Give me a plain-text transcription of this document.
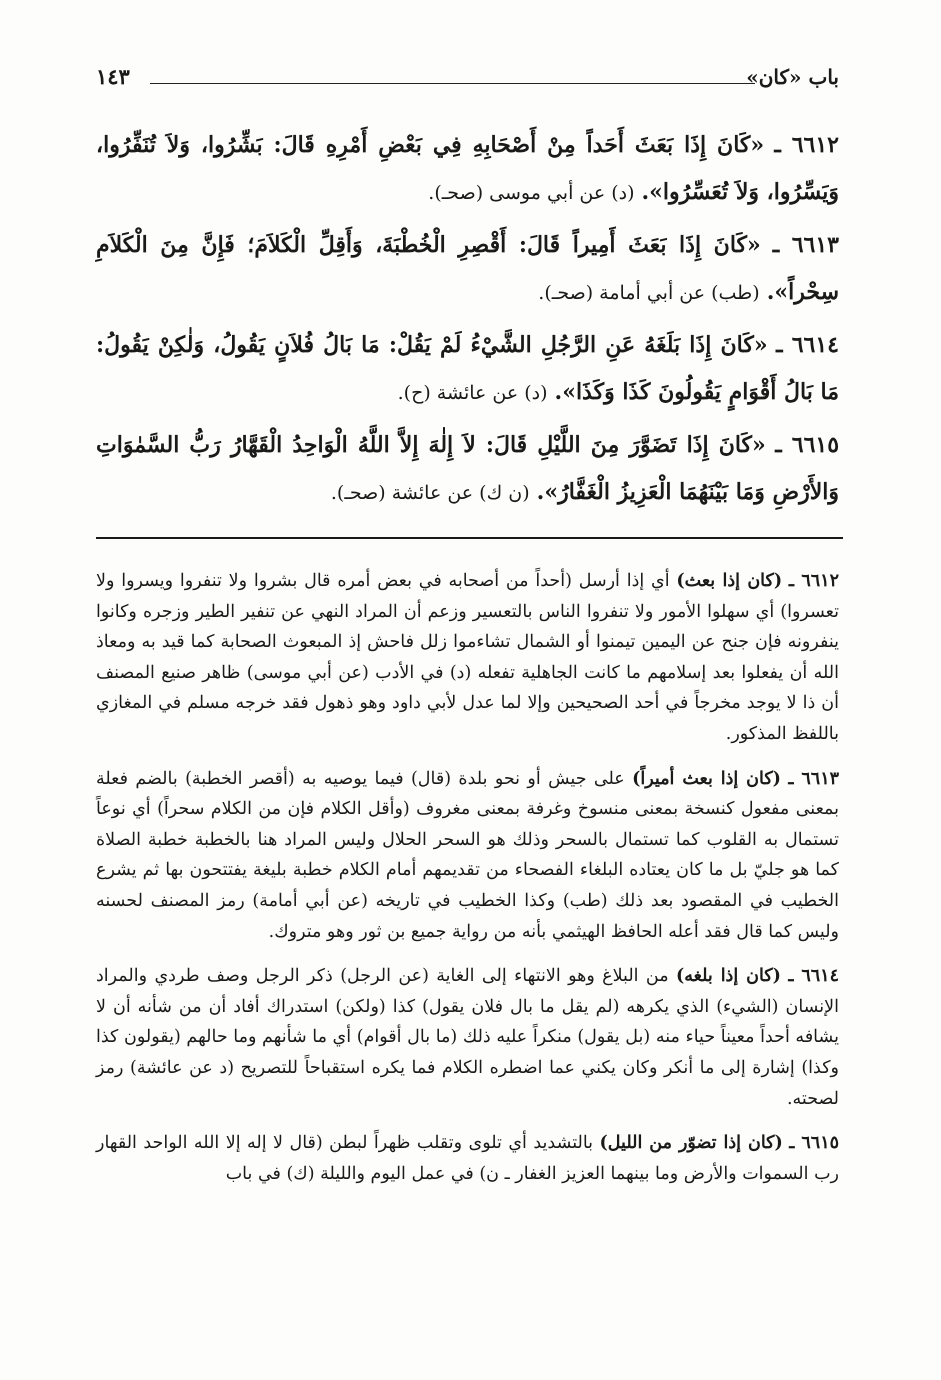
باب «كان»
١٤٣

٦٦١٢ ـ «كَانَ إِذَا بَعَثَ أَحَداً مِنْ أَصْحَابِهِ فِي بَعْضِ أَمْرِهِ قَالَ: بَشِّرُوا، وَلاَ تُنَفِّرُوا، وَيَسِّرُوا، وَلاَ تُعَسِّرُوا». (د) عن أبي موسى (صحـ).

٦٦١٣ ـ «كَانَ إِذَا بَعَثَ أَمِيراً قَالَ: أَقْصِرِ الْخُطْبَةَ، وَأَقِلِّ الْكَلاَمَ؛ فَإِنَّ مِنَ الْكَلاَمِ سِحْراً». (طب) عن أبي أمامة (صحـ).

٦٦١٤ ـ «كَانَ إِذَا بَلَغَهُ عَنِ الرَّجُلِ الشَّيْءُ لَمْ يَقُلْ: مَا بَالُ فُلاَنٍ يَقُولُ، وَلٰكِنْ يَقُولُ: مَا بَالُ أَقْوَامٍ يَقُولُونَ كَذَا وَكَذَا». (د) عن عائشة (ح).

٦٦١٥ ـ «كَانَ إِذَا تَضَوَّرَ مِنَ اللَّيْلِ قَالَ: لاَ إِلٰهَ إِلاَّ اللَّهُ الْوَاحِدُ الْقَهَّارُ رَبُّ السَّمٰوَاتِ وَالأَرْضِ وَمَا بَيْنَهُمَا الْعَزِيزُ الْغَفَّارُ». (ن ك) عن عائشة (صحـ).

٦٦١٢ ـ (كان إذا بعث) أي إذا أرسل (أحداً من أصحابه في بعض أمره قال بشروا ولا تنفروا ويسروا ولا تعسروا) أي سهلوا الأمور ولا تنفروا الناس بالتعسير وزعم أن المراد النهي عن تنفير الطير وزجره وكانوا ينفرونه فإن جنح عن اليمين تيمنوا أو الشمال تشاءموا زلل فاحش إذ المبعوث الصحابة كما قيد به ومعاذ الله أن يفعلوا بعد إسلامهم ما كانت الجاهلية تفعله (د) في الأدب (عن أبي موسى) ظاهر صنيع المصنف أن ذا لا يوجد مخرجاً في أحد الصحيحين وإلا لما عدل لأبي داود وهو ذهول فقد خرجه مسلم في المغازي باللفظ المذكور.

٦٦١٣ ـ (كان إذا بعث أميراً) على جيش أو نحو بلدة (قال) فيما يوصيه به (أقصر الخطبة) بالضم فعلة بمعنى مفعول كنسخة بمعنى منسوخ وغرفة بمعنى مغروف (وأقل الكلام فإن من الكلام سحراً) أي نوعاً تستمال به القلوب كما تستمال بالسحر وذلك هو السحر الحلال وليس المراد هنا بالخطبة خطبة الصلاة كما هو جليّ بل ما كان يعتاده البلغاء الفصحاء من تقديمهم أمام الكلام خطبة بليغة يفتتحون بها ثم يشرع الخطيب في المقصود بعد ذلك (طب) وكذا الخطيب في تاريخه (عن أبي أمامة) رمز المصنف لحسنه وليس كما قال فقد أعله الحافظ الهيثمي بأنه من رواية جميع بن ثور وهو متروك.

٦٦١٤ ـ (كان إذا بلغه) من البلاغ وهو الانتهاء إلى الغاية (عن الرجل) ذكر الرجل وصف طردي والمراد الإنسان (الشيء) الذي يكرهه (لم يقل ما بال فلان يقول) كذا (ولكن) استدراك أفاد أن من شأنه أن لا يشافه أحداً معيناً حياء منه (بل يقول) منكراً عليه ذلك (ما بال أقوام) أي ما شأنهم وما حالهم (يقولون كذا وكذا) إشارة إلى ما أنكر وكان يكني عما اضطره الكلام فما يكره استقباحاً للتصريح (د عن عائشة) رمز لصحته.

٦٦١٥ ـ (كان إذا تضوّر من الليل) بالتشديد أي تلوى وتقلب ظهراً لبطن (قال لا إله إلا الله الواحد القهار رب السموات والأرض وما بينهما العزيز الغفار ـ ن) في عمل اليوم والليلة (ك) في باب
